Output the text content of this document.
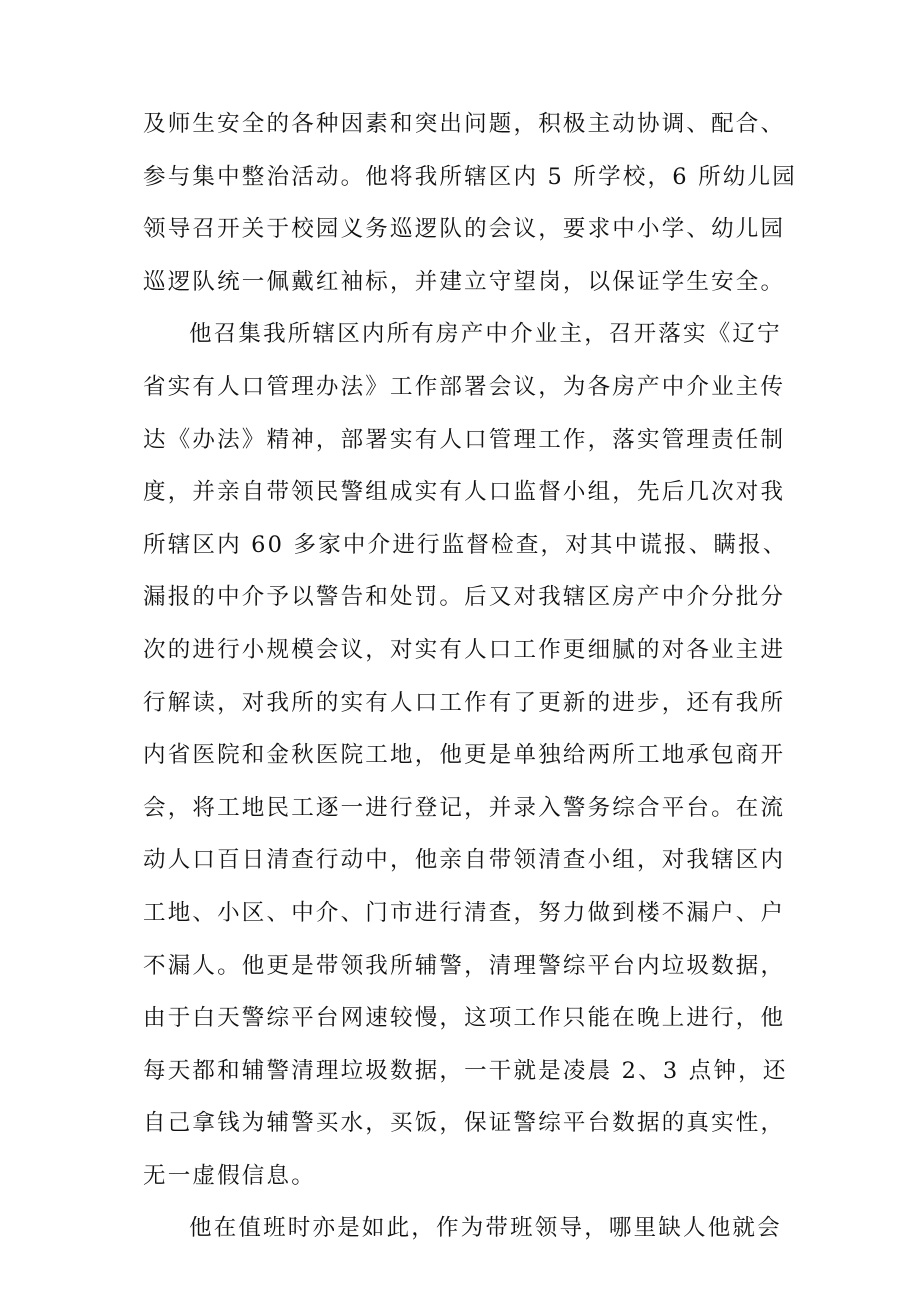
及师生安全的各种因素和突出问题，积极主动协调、配合、
参与集中整治活动。他将我所辖区内 5 所学校，6 所幼儿园
领导召开关于校园义务巡逻队的会议，要求中小学、幼儿园
巡逻队统一佩戴红袖标，并建立守望岗，以保证学生安全。
他召集我所辖区内所有房产中介业主，召开落实《辽宁
省实有人口管理办法》工作部署会议，为各房产中介业主传
达《办法》精神，部署实有人口管理工作，落实管理责任制
度，并亲自带领民警组成实有人口监督小组，先后几次对我
所辖区内 60 多家中介进行监督检查，对其中谎报、瞒报、
漏报的中介予以警告和处罚。后又对我辖区房产中介分批分
次的进行小规模会议，对实有人口工作更细腻的对各业主进
行解读，对我所的实有人口工作有了更新的进步，还有我所
内省医院和金秋医院工地，他更是单独给两所工地承包商开
会，将工地民工逐一进行登记，并录入警务综合平台。在流
动人口百日清查行动中，他亲自带领清查小组，对我辖区内
工地、小区、中介、门市进行清查，努力做到楼不漏户、户
不漏人。他更是带领我所辅警，清理警综平台内垃圾数据，
由于白天警综平台网速较慢，这项工作只能在晚上进行，他
每天都和辅警清理垃圾数据，一干就是凌晨 2、3 点钟，还
自己拿钱为辅警买水，买饭，保证警综平台数据的真实性，
无一虚假信息。
他在值班时亦是如此，作为带班领导，哪里缺人他就会
